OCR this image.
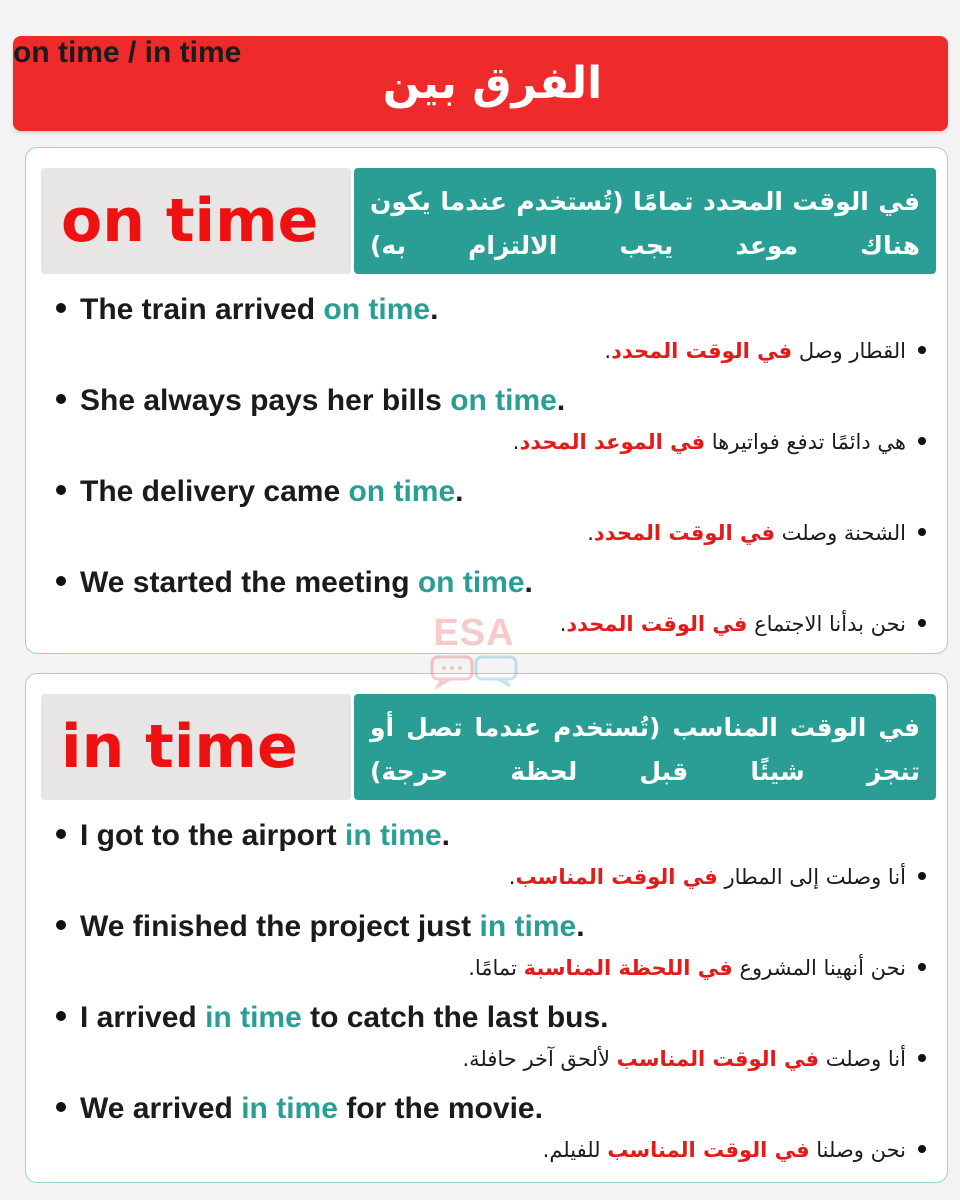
on time / in time
الفرق بين
on time	في الوقت المحدد تمامًا (تُستخدم عندما يكون هناك موعد يجب الالتزام به)
The train arrived on time.
القطار وصل في الوقت المحدد.
She always pays her bills on time.
هي دائمًا تدفع فواتيرها في الموعد المحدد.
The delivery came on time.
الشحنة وصلت في الوقت المحدد.
We started the meeting on time.
نحن بدأنا الاجتماع في الوقت المحدد.
in time	في الوقت المناسب (تُستخدم عندما تصل أو تنجز شيئًا قبل لحظة حرجة)
I got to the airport in time.
أنا وصلت إلى المطار في الوقت المناسب.
We finished the project just in time.
نحن أنهينا المشروع في اللحظة المناسبة تمامًا.
I arrived in time to catch the last bus.
أنا وصلت في الوقت المناسب لألحق آخر حافلة.
We arrived in time for the movie.
نحن وصلنا في الوقت المناسب للفيلم.
ESA
